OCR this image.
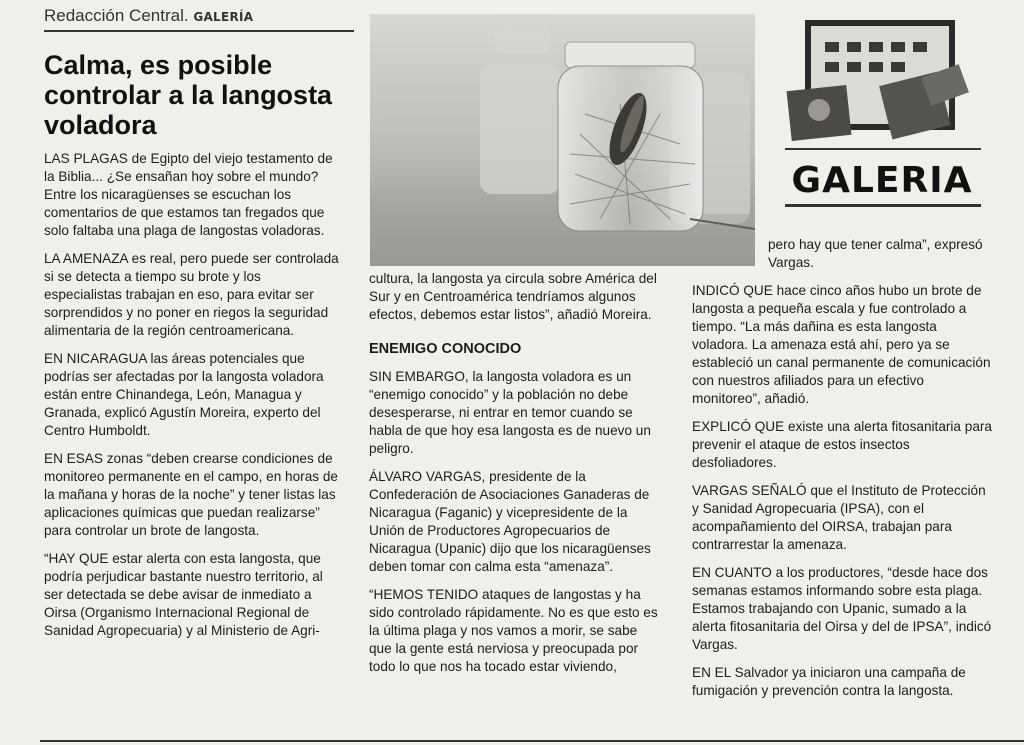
Redacción Central. GALERÍA
Calma, es posible controlar a la langosta voladora

LAS PLAGAS de Egipto del viejo testamento de la Biblia... ¿Se ensañan hoy sobre el mundo? Entre los nicaragüenses se escuchan los comentarios de que estamos tan fregados que solo faltaba una plaga de langostas voladoras.

LA AMENAZA es real, pero puede ser controlada si se detecta a tiempo su brote y los especialistas trabajan en eso, para evitar ser sorprendidos y no poner en riegos la seguridad alimentaria de la región centroamericana.

EN NICARAGUA las áreas potenciales que podrías ser afectadas por la langosta voladora están entre Chinandega, León, Managua y Granada, explicó Agustín Moreira, experto del Centro Humboldt.

EN ESAS zonas “deben crearse condiciones de monitoreo permanente en el campo, en horas de la mañana y horas de la noche” y tener listas las aplicaciones químicas que puedan realizarse” para controlar un brote de langosta.

“HAY QUE estar alerta con esta langosta, que podría perjudicar bastante nuestro territorio, al ser detectada se debe avisar de inmediato a Oirsa (Organismo Internacional Regional de Sanidad Agropecuaria) y al Ministerio de Agri-

cultura, la langosta ya circula sobre América del Sur y en Centroamérica tendríamos algunos efectos, debemos estar listos”, añadió Moreira.

ENEMIGO CONOCIDO

SIN EMBARGO, la langosta voladora es un “enemigo conocido” y la población no debe desesperarse, ni entrar en temor cuando se habla de que hoy esa langosta es de nuevo un peligro.

ÁLVARO VARGAS, presidente de la Confederación de Asociaciones Ganaderas de Nicaragua (Faganic) y vicepresidente de la Unión de Productores Agropecuarios de Nicaragua (Upanic) dijo que los nicaragüenses deben tomar con calma esta “amenaza”.

“HEMOS TENIDO ataques de langostas y ha sido controlado rápidamente. No es que esto es la última plaga y nos vamos a morir, se sabe que la gente está nerviosa y preocupada por todo lo que nos ha tocado estar viviendo,

GALERIA

pero hay que tener calma”, expresó Vargas.

INDICÓ QUE hace cinco años hubo un brote de langosta a pequeña escala y fue controlado a tiempo. “La más dañina es esta langosta voladora. La amenaza está ahí, pero ya se estableció un canal permanente de comunicación con nuestros afiliados para un efectivo monitoreo”, añadió.

EXPLICÓ QUE existe una alerta fitosanitaria para prevenir el ataque de estos insectos desfoliadores.

VARGAS SEÑALÓ que el Instituto de Protección y Sanidad Agropecuaria (IPSA), con el acompañamiento del OIRSA, trabajan para contrarrestar la amenaza.

EN CUANTO a los productores, “desde hace dos semanas estamos informando sobre esta plaga. Estamos trabajando con Upanic, sumado a la alerta fitosanitaria del Oirsa y del de IPSA”, indicó Vargas.

EN EL Salvador ya iniciaron una campaña de fumigación y prevención contra la langosta.
